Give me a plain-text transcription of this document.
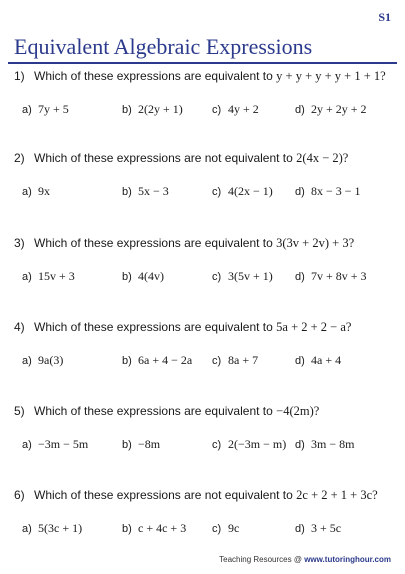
S1
Equivalent Algebraic Expressions
1) Which of these expressions are equivalent to y + y + y + y + 1 + 1?
a) 7y + 5	b) 2(2y + 1)	c) 4y + 2	d) 2y + 2y + 2
2) Which of these expressions are not equivalent to 2(4x − 2)?
a) 9x	b) 5x − 3	c) 4(2x − 1) d) 8x − 3 − 1
3) Which of these expressions are equivalent to 3(3v + 2v) + 3?
a) 15v + 3	b) 4(4v)	c) 3(5v + 1) d) 7v + 8v + 3
4) Which of these expressions are equivalent to 5a + 2 + 2 − a?
a) 9a(3)	b) 6a + 4 − 2a c) 8a + 7	d) 4a + 4
5) Which of these expressions are equivalent to −4(2m)?
a) −3m − 5m	b) −8m	c) 2(−3m − m) d) 3m − 8m
6) Which of these expressions are not equivalent to 2c + 2 + 1 + 3c?
a) 5(3c + 1)	b) c + 4c + 3 c) 9c	d) 3 + 5c
Teaching Resources @ www.tutoringhour.com
